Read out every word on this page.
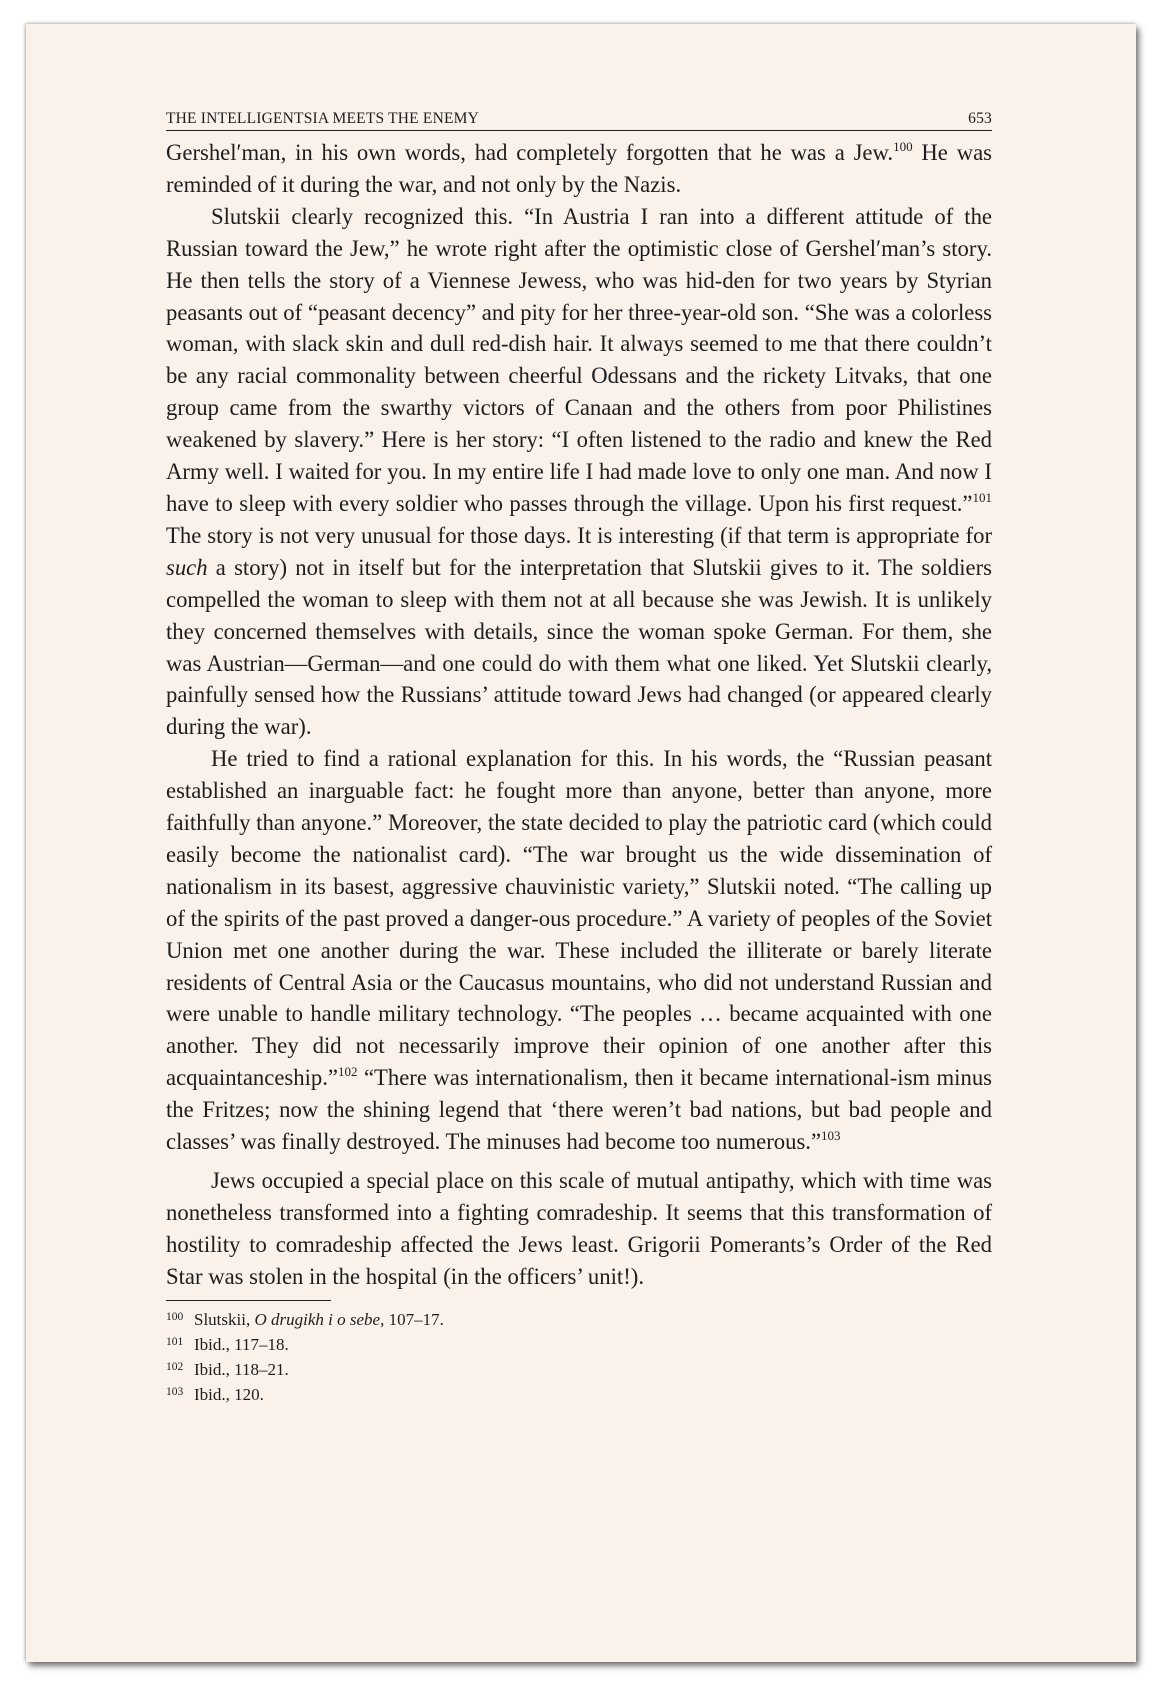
THE INTELLIGENTSIA MEETS THE ENEMY	653

Gershel′man, in his own words, had completely forgotten that he was a Jew.$^{100}$ He was reminded of it during the war, and not only by the Nazis.

Slutskii clearly recognized this. “In Austria I ran into a different attitude of the Russian toward the Jew,” he wrote right after the optimistic close of Gershel′man’s story. He then tells the story of a Viennese Jewess, who was hid-den for two years by Styrian peasants out of “peasant decency” and pity for her three-year-old son. “She was a colorless woman, with slack skin and dull red-dish hair. It always seemed to me that there couldn’t be any racial commonality between cheerful Odessans and the rickety Litvaks, that one group came from the swarthy victors of Canaan and the others from poor Philistines weakened by slavery.” Here is her story: “I often listened to the radio and knew the Red Army well. I waited for you. In my entire life I had made love to only one man. And now I have to sleep with every soldier who passes through the village. Upon his first request.”$^{101}$ The story is not very unusual for those days. It is interesting (if that term is appropriate for such a story) not in itself but for the interpretation that Slutskii gives to it. The soldiers compelled the woman to sleep with them not at all because she was Jewish. It is unlikely they concerned themselves with details, since the woman spoke German. For them, she was Austrian—German—and one could do with them what one liked. Yet Slutskii clearly, painfully sensed how the Russians’ attitude toward Jews had changed (or appeared clearly during the war).

He tried to find a rational explanation for this. In his words, the “Russian peasant established an inarguable fact: he fought more than anyone, better than anyone, more faithfully than anyone.” Moreover, the state decided to play the patriotic card (which could easily become the nationalist card). “The war brought us the wide dissemination of nationalism in its basest, aggressive chauvinistic variety,” Slutskii noted. “The calling up of the spirits of the past proved a danger-ous procedure.” A variety of peoples of the Soviet Union met one another during the war. These included the illiterate or barely literate residents of Central Asia or the Caucasus mountains, who did not understand Russian and were unable to handle military technology. “The peoples … became acquainted with one another. They did not necessarily improve their opinion of one another after this acquaintanceship.”$^{102}$ “There was internationalism, then it became international-ism minus the Fritzes; now the shining legend that ‘there weren’t bad nations, but bad people and classes’ was finally destroyed. The minuses had become too numerous.”$^{103}$

Jews occupied a special place on this scale of mutual antipathy, which with time was nonetheless transformed into a fighting comradeship. It seems that this transformation of hostility to comradeship affected the Jews least. Grigorii Pomerants’s Order of the Red Star was stolen in the hospital (in the officers’ unit!).

100 Slutskii, O drugikh i o sebe, 107–17.
101 Ibid., 117–18.
102 Ibid., 118–21.
103 Ibid., 120.
